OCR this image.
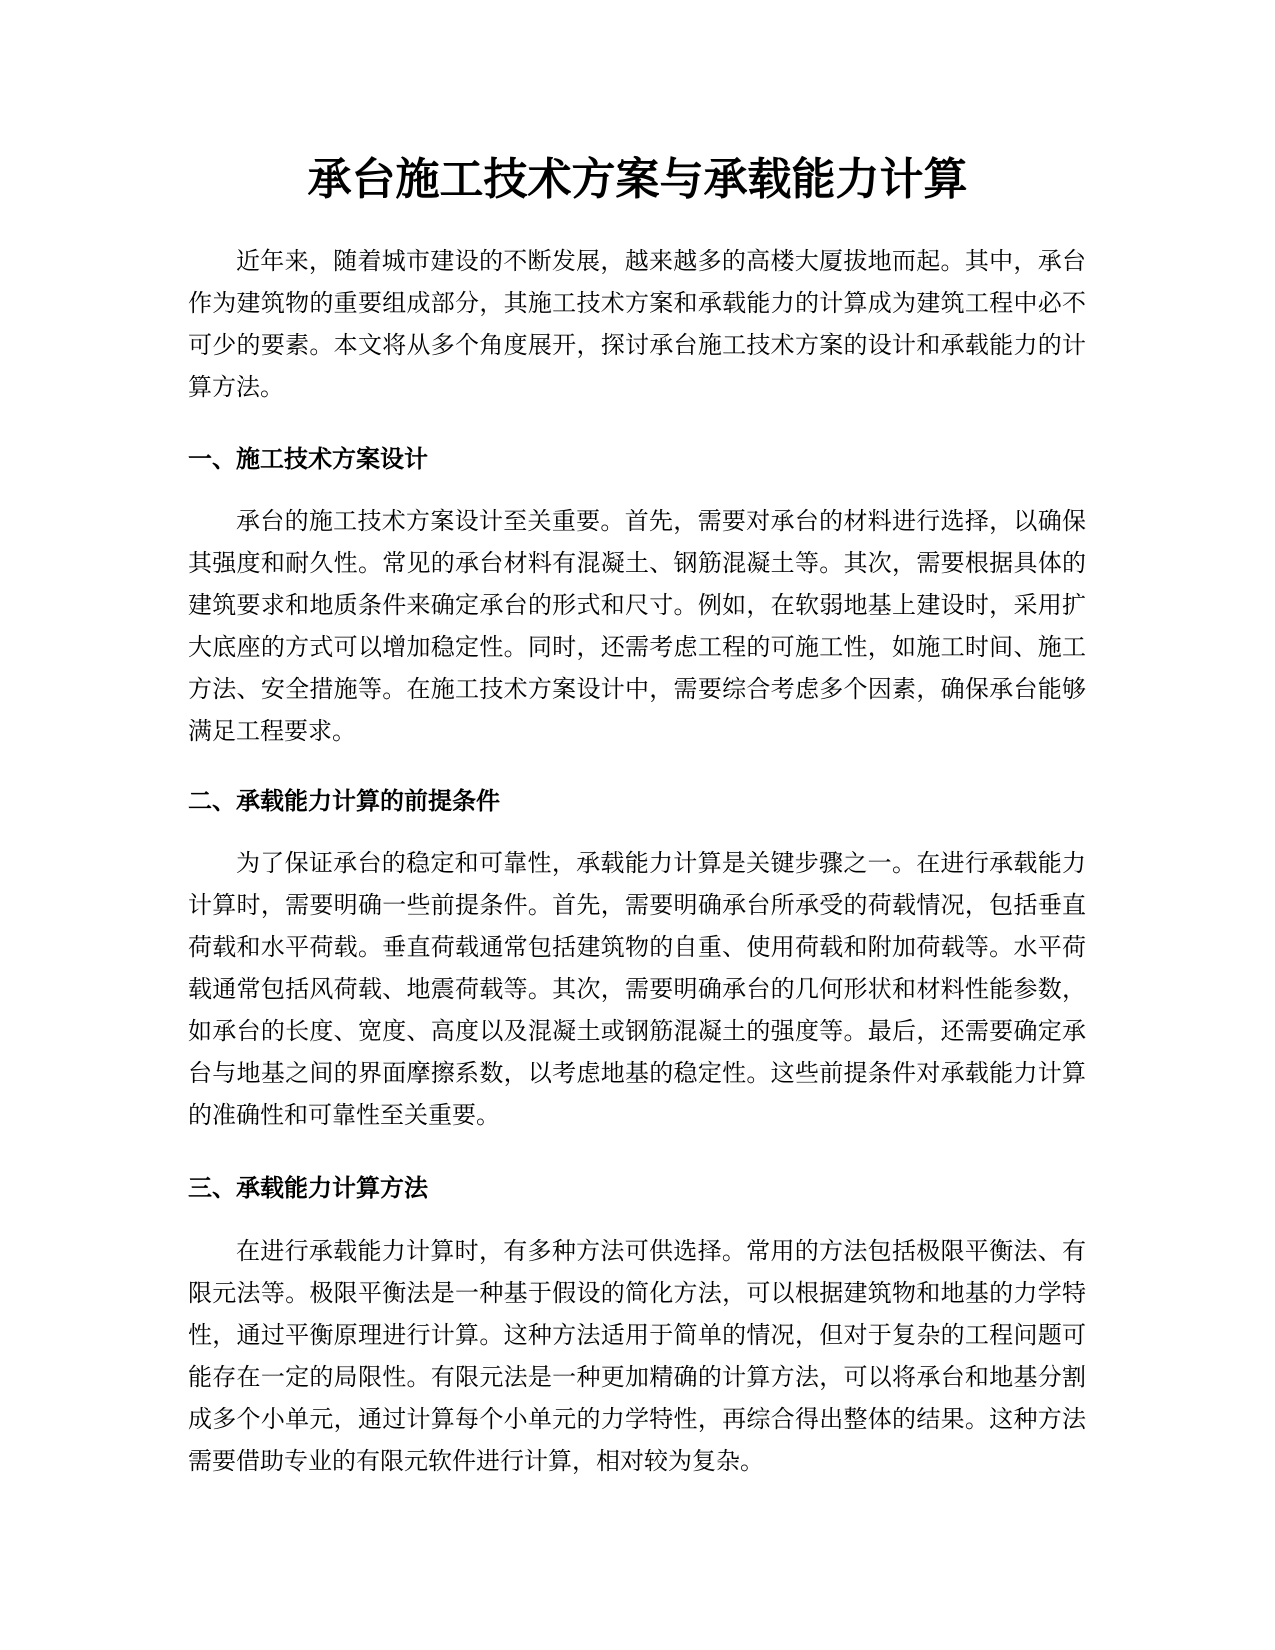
承台施工技术方案与承载能力计算

近年来，随着城市建设的不断发展，越来越多的高楼大厦拔地而起。其中，承台作为建筑物的重要组成部分，其施工技术方案和承载能力的计算成为建筑工程中必不可少的要素。本文将从多个角度展开，探讨承台施工技术方案的设计和承载能力的计算方法。

一、施工技术方案设计

承台的施工技术方案设计至关重要。首先，需要对承台的材料进行选择，以确保其强度和耐久性。常见的承台材料有混凝土、钢筋混凝土等。其次，需要根据具体的建筑要求和地质条件来确定承台的形式和尺寸。例如，在软弱地基上建设时，采用扩大底座的方式可以增加稳定性。同时，还需考虑工程的可施工性，如施工时间、施工方法、安全措施等。在施工技术方案设计中，需要综合考虑多个因素，确保承台能够满足工程要求。

二、承载能力计算的前提条件

为了保证承台的稳定和可靠性，承载能力计算是关键步骤之一。在进行承载能力计算时，需要明确一些前提条件。首先，需要明确承台所承受的荷载情况，包括垂直荷载和水平荷载。垂直荷载通常包括建筑物的自重、使用荷载和附加荷载等。水平荷载通常包括风荷载、地震荷载等。其次，需要明确承台的几何形状和材料性能参数，如承台的长度、宽度、高度以及混凝土或钢筋混凝土的强度等。最后，还需要确定承台与地基之间的界面摩擦系数，以考虑地基的稳定性。这些前提条件对承载能力计算的准确性和可靠性至关重要。

三、承载能力计算方法

在进行承载能力计算时，有多种方法可供选择。常用的方法包括极限平衡法、有限元法等。极限平衡法是一种基于假设的简化方法，可以根据建筑物和地基的力学特性，通过平衡原理进行计算。这种方法适用于简单的情况，但对于复杂的工程问题可能存在一定的局限性。有限元法是一种更加精确的计算方法，可以将承台和地基分割成多个小单元，通过计算每个小单元的力学特性，再综合得出整体的结果。这种方法需要借助专业的有限元软件进行计算，相对较为复杂。
